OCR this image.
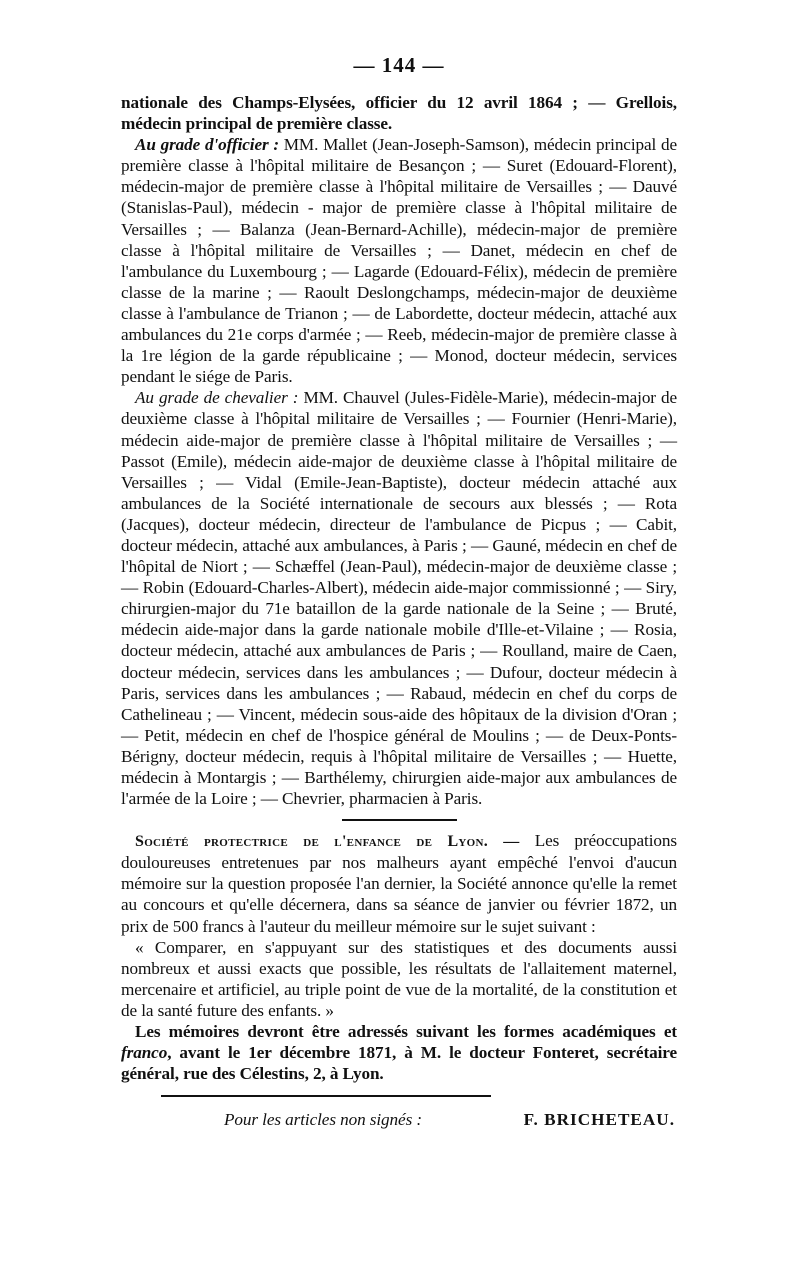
— 144 —

nationale des Champs-Elysées, officier du 12 avril 1864 ; — Grellois, médecin principal de première classe.

Au grade d'officier : MM. Mallet (Jean-Joseph-Samson), médecin principal de première classe à l'hôpital militaire de Besançon ; — Suret (Edouard-Florent), médecin-major de première classe à l'hôpital militaire de Versailles ; — Dauvé (Stanislas-Paul), médecin - major de première classe à l'hôpital militaire de Versailles ; — Balanza (Jean-Bernard-Achille), médecin-major de première classe à l'hôpital militaire de Versailles ; — Danet, médecin en chef de l'ambulance du Luxembourg ; — Lagarde (Edouard-Félix), médecin de première classe de la marine ; — Raoult Deslongchamps, médecin-major de deuxième classe à l'ambulance de Trianon ; — de Labordette, docteur médecin, attaché aux ambulances du 21e corps d'armée ; — Reeb, médecin-major de première classe à la 1re légion de la garde républicaine ; — Monod, docteur médecin, services pendant le siége de Paris.

Au grade de chevalier : MM. Chauvel (Jules-Fidèle-Marie), médecin-major de deuxième classe à l'hôpital militaire de Versailles ; — Fournier (Henri-Marie), médecin aide-major de première classe à l'hôpital militaire de Versailles ; — Passot (Emile), médecin aide-major de deuxième classe à l'hôpital militaire de Versailles ; — Vidal (Emile-Jean-Baptiste), docteur médecin attaché aux ambulances de la Société internationale de secours aux blessés ; — Rota (Jacques), docteur médecin, directeur de l'ambulance de Picpus ; — Cabit, docteur médecin, attaché aux ambulances, à Paris ; — Gauné, médecin en chef de l'hôpital de Niort ; — Schæffel (Jean-Paul), médecin-major de deuxième classe ; — Robin (Edouard-Charles-Albert), médecin aide-major commissionné ; — Siry, chirurgien-major du 71e bataillon de la garde nationale de la Seine ; — Bruté, médecin aide-major dans la garde nationale mobile d'Ille-et-Vilaine ; — Rosia, docteur médecin, attaché aux ambulances de Paris ; — Roulland, maire de Caen, docteur médecin, services dans les ambulances ; — Dufour, docteur médecin à Paris, services dans les ambulances ; — Rabaud, médecin en chef du corps de Cathelineau ; — Vincent, médecin sous-aide des hôpitaux de la division d'Oran ; — Petit, médecin en chef de l'hospice général de Moulins ; — de Deux-Ponts-Bérigny, docteur médecin, requis à l'hôpital militaire de Versailles ; — Huette, médecin à Montargis ; — Barthélemy, chirurgien aide-major aux ambulances de l'armée de la Loire ; — Chevrier, pharmacien à Paris.

Société protectrice de l'enfance de Lyon. — Les préoccupations douloureuses entretenues par nos malheurs ayant empêché l'envoi d'aucun mémoire sur la question proposée l'an dernier, la Société annonce qu'elle la remet au concours et qu'elle décernera, dans sa séance de janvier ou février 1872, un prix de 500 francs à l'auteur du meilleur mémoire sur le sujet suivant :

« Comparer, en s'appuyant sur des statistiques et des documents aussi nombreux et aussi exacts que possible, les résultats de l'allaitement maternel, mercenaire et artificiel, au triple point de vue de la mortalité, de la constitution et de la santé future des enfants. »

Les mémoires devront être adressés suivant les formes académiques et franco, avant le 1er décembre 1871, à M. le docteur Fonteret, secrétaire général, rue des Célestins, 2, à Lyon.

Pour les articles non signés :	F. BRICHETEAU.
